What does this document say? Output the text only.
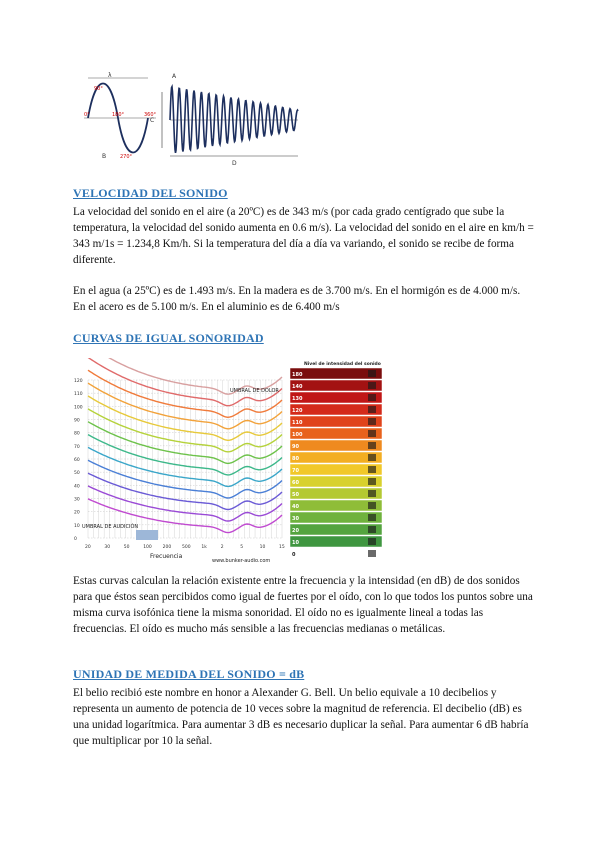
λ
90°
0°	180°	360°
270°
B
A
C
D
VELOCIDAD DEL SONIDO

La velocidad del sonido en el aire (a 20ºC) es de 343 m/s (por cada grado centígrado que sube la temperatura, la velocidad del sonido aumenta en 0.6 m/s). La velocidad del sonido en el aire en km/h = 343 m/1s = 1.234,8 Km/h. Si la temperatura del día a día va variando, el sonido se recibe de forma diferente.

En el agua (a 25ºC) es de 1.493 m/s. En la madera es de 3.700 m/s. En el hormigón es de 4.000 m/s. En el acero es de 5.100 m/s. En el aluminio es de 6.400 m/s

CURVAS DE IGUAL SONORIDAD
120
110
100
90
80
70
60
50
40
30
20
10
0
20	30	50	100 200 500 1k	2	5	10	15
UMBRAL DE DOLOR
UMBRAL DE AUDICIÓN
Frecuencia
www.bunker-audio.com
Nivel de intensidad del sonido
180
140
130
120
110
100
90
80
70
60
50
40
30
20
10
0

Estas curvas calculan la relación existente entre la frecuencia y la intensidad (en dB) de dos sonidos para que éstos sean percibidos como igual de fuertes por el oído, con lo que todos los puntos sobre una misma curva isofónica tiene la misma sonoridad. El oído no es igualmente lineal a todas las frecuencias. El oído es mucho más sensible a las frecuencias medianas o metálicas.

UNIDAD DE MEDIDA DEL SONIDO = dB

El belio recibió este nombre en honor a Alexander G. Bell. Un belio equivale a 10 decibelios y representa un aumento de potencia de 10 veces sobre la magnitud de referencia. El decibelio (dB) es una unidad logarítmica. Para aumentar 3 dB es necesario duplicar la señal. Para aumentar 6 dB habría que multiplicar por 10 la señal.
